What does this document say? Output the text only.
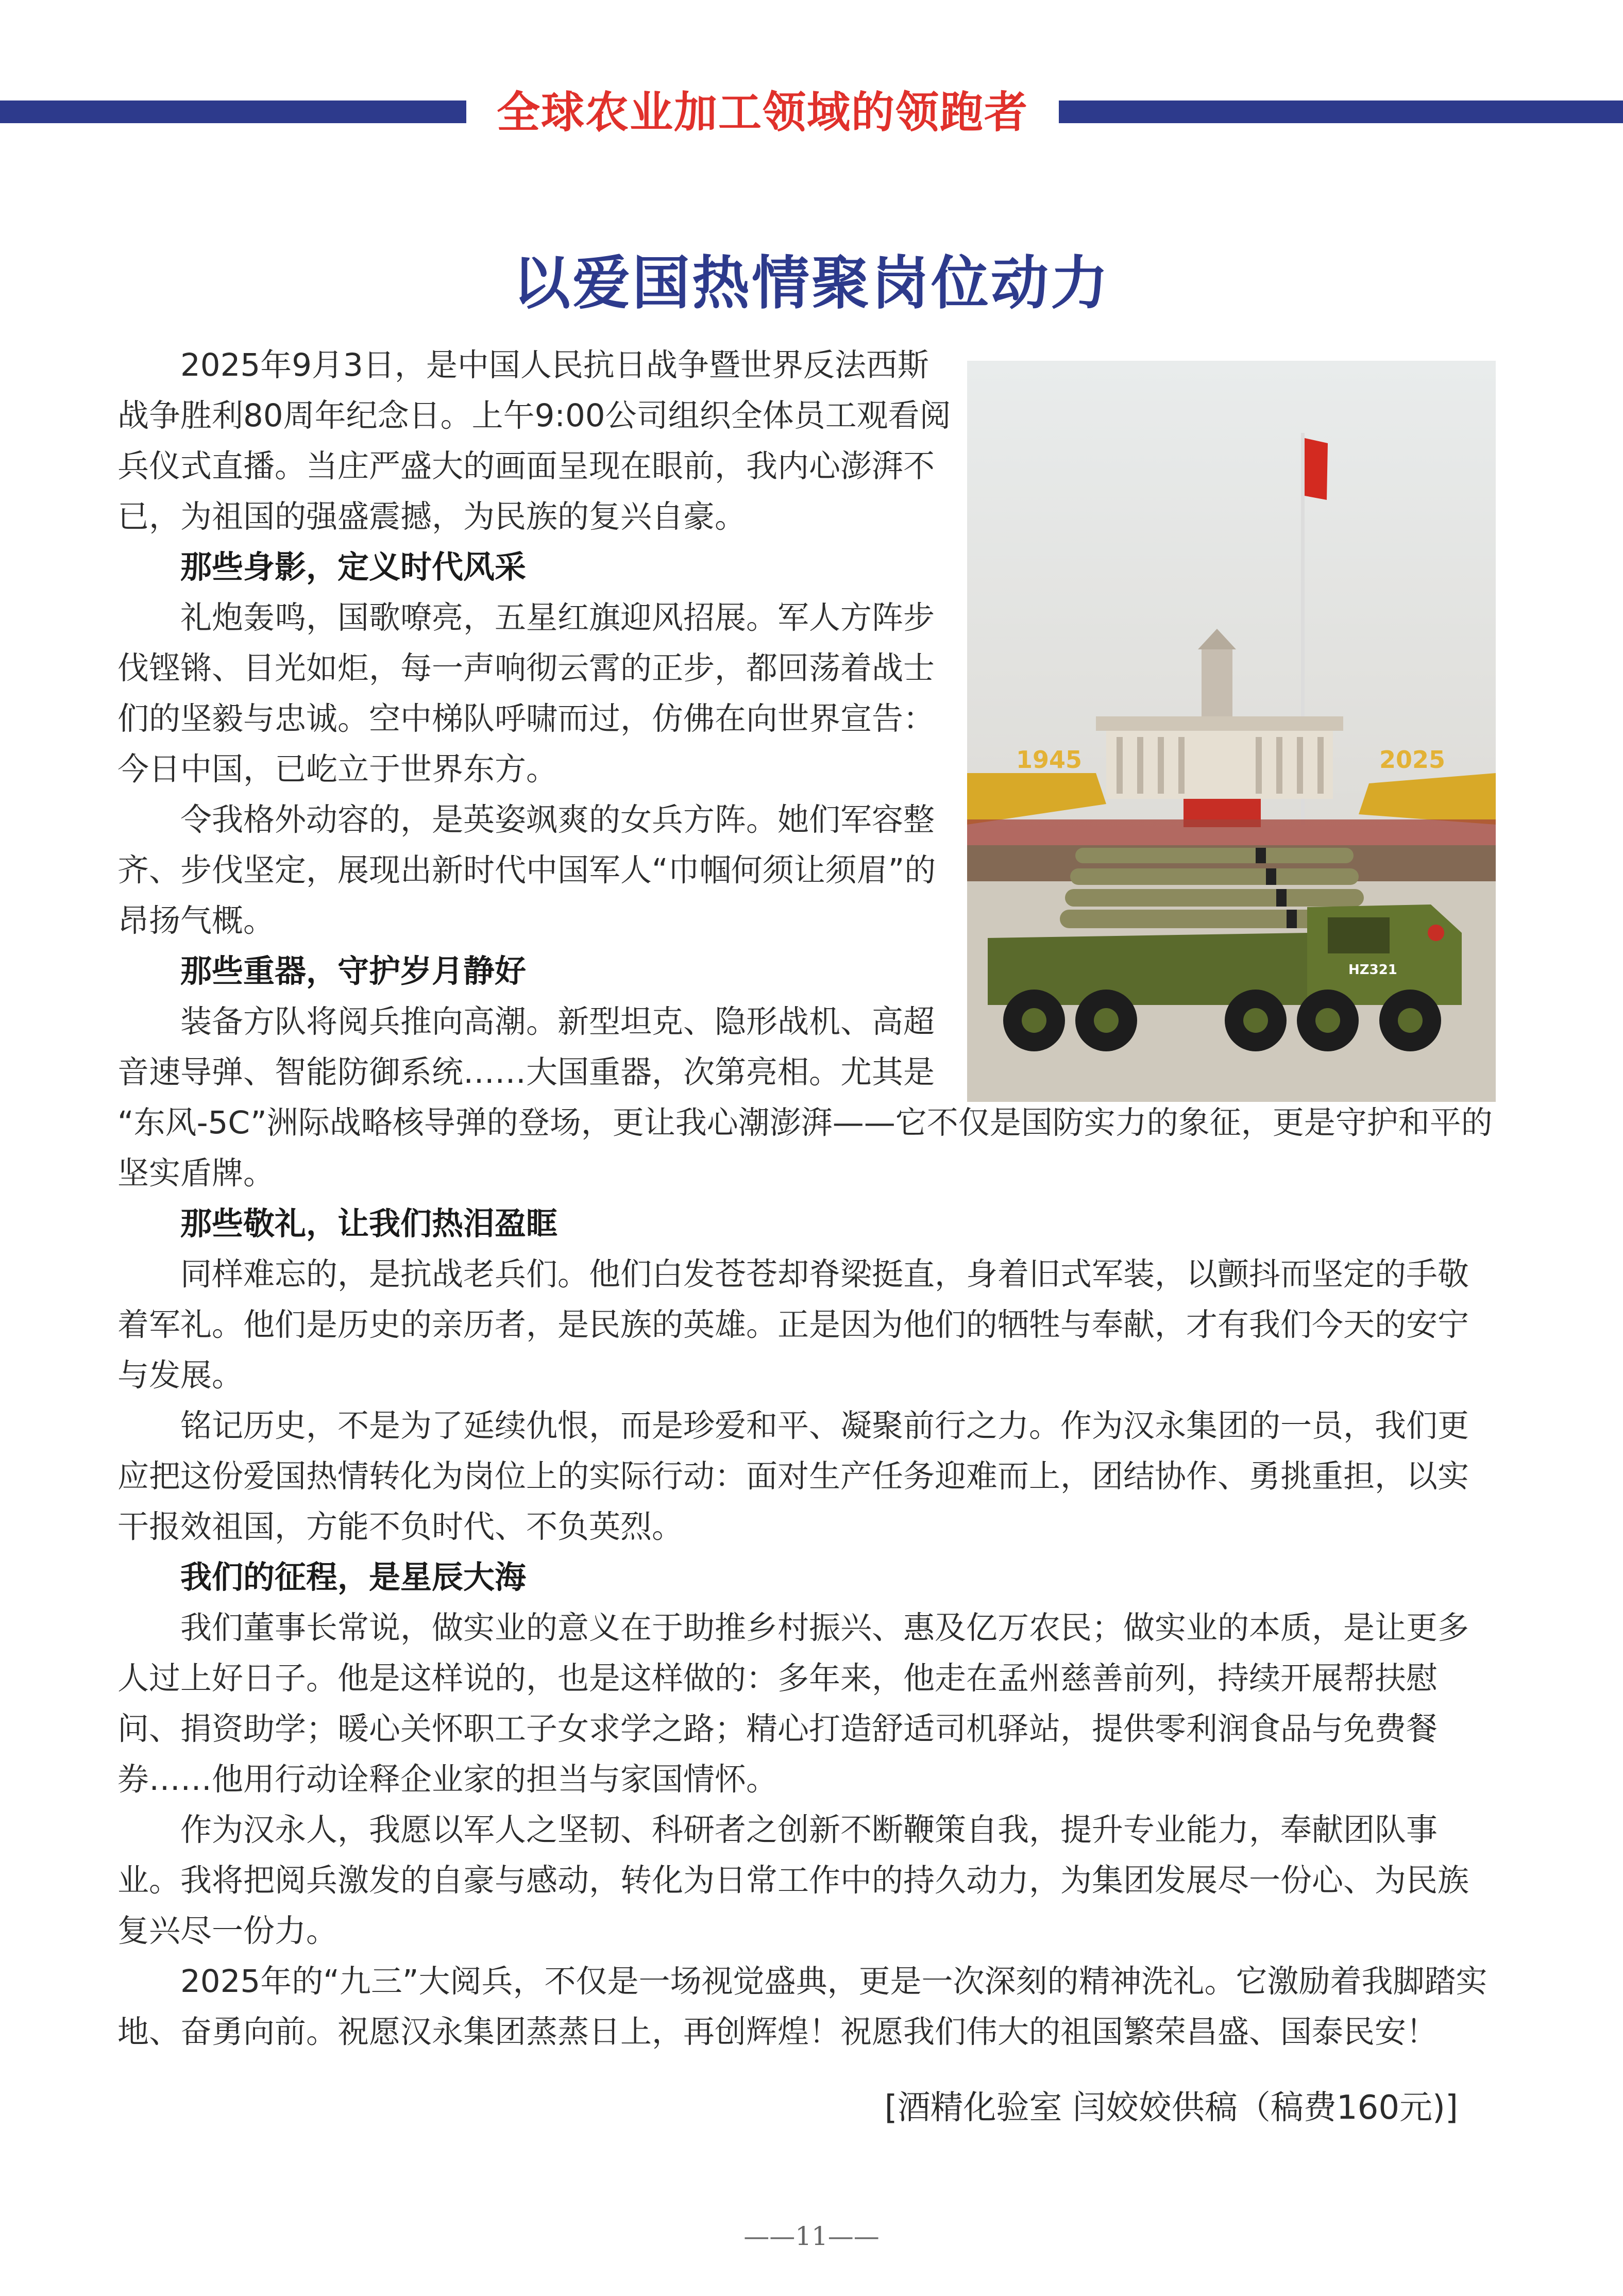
全球农业加工领域的领跑者
以爱国热情聚岗位动力
1945	2025
HZ321

2025年9月3日，是中国人民抗日战争暨世界反法西斯战争胜利80周年纪念日。上午9:00公司组织全体员工观看阅兵仪式直播。当庄严盛大的画面呈现在眼前，我内心澎湃不已，为祖国的强盛震撼，为民族的复兴自豪。

那些身影，定义时代风采

礼炮轰鸣，国歌嘹亮，五星红旗迎风招展。军人方阵步伐铿锵、目光如炬，每一声响彻云霄的正步，都回荡着战士们的坚毅与忠诚。空中梯队呼啸而过，仿佛在向世界宣告：今日中国，已屹立于世界东方。

令我格外动容的，是英姿飒爽的女兵方阵。她们军容整齐、步伐坚定，展现出新时代中国军人“巾帼何须让须眉”的昂扬气概。

那些重器，守护岁月静好

装备方队将阅兵推向高潮。新型坦克、隐形战机、高超音速导弹、智能防御系统……大国重器，次第亮相。尤其是

“东风-5C”洲际战略核导弹的登场，更让我心潮澎湃——它不仅是国防实力的象征，更是守护和平的坚实盾牌。

那些敬礼，让我们热泪盈眶

同样难忘的，是抗战老兵们。他们白发苍苍却脊梁挺直，身着旧式军装，以颤抖而坚定的手敬着军礼。他们是历史的亲历者，是民族的英雄。正是因为他们的牺牲与奉献，才有我们今天的安宁与发展。

铭记历史，不是为了延续仇恨，而是珍爱和平、凝聚前行之力。作为汉永集团的一员，我们更应把这份爱国热情转化为岗位上的实际行动：面对生产任务迎难而上，团结协作、勇挑重担，以实干报效祖国，方能不负时代、不负英烈。

我们的征程，是星辰大海

我们董事长常说，做实业的意义在于助推乡村振兴、惠及亿万农民；做实业的本质，是让更多人过上好日子。他是这样说的，也是这样做的：多年来，他走在孟州慈善前列，持续开展帮扶慰问、捐资助学；暖心关怀职工子女求学之路；精心打造舒适司机驿站，提供零利润食品与免费餐券……他用行动诠释企业家的担当与家国情怀。

作为汉永人，我愿以军人之坚韧、科研者之创新不断鞭策自我，提升专业能力，奉献团队事业。我将把阅兵激发的自豪与感动，转化为日常工作中的持久动力，为集团发展尽一份心、为民族复兴尽一份力。

2025年的“九三”大阅兵，不仅是一场视觉盛典，更是一次深刻的精神洗礼。它激励着我脚踏实地、奋勇向前。祝愿汉永集团蒸蒸日上，再创辉煌！祝愿我们伟大的祖国繁荣昌盛、国泰民安！

[酒精化验室 闫姣姣供稿（稿费160元)]
——11——
